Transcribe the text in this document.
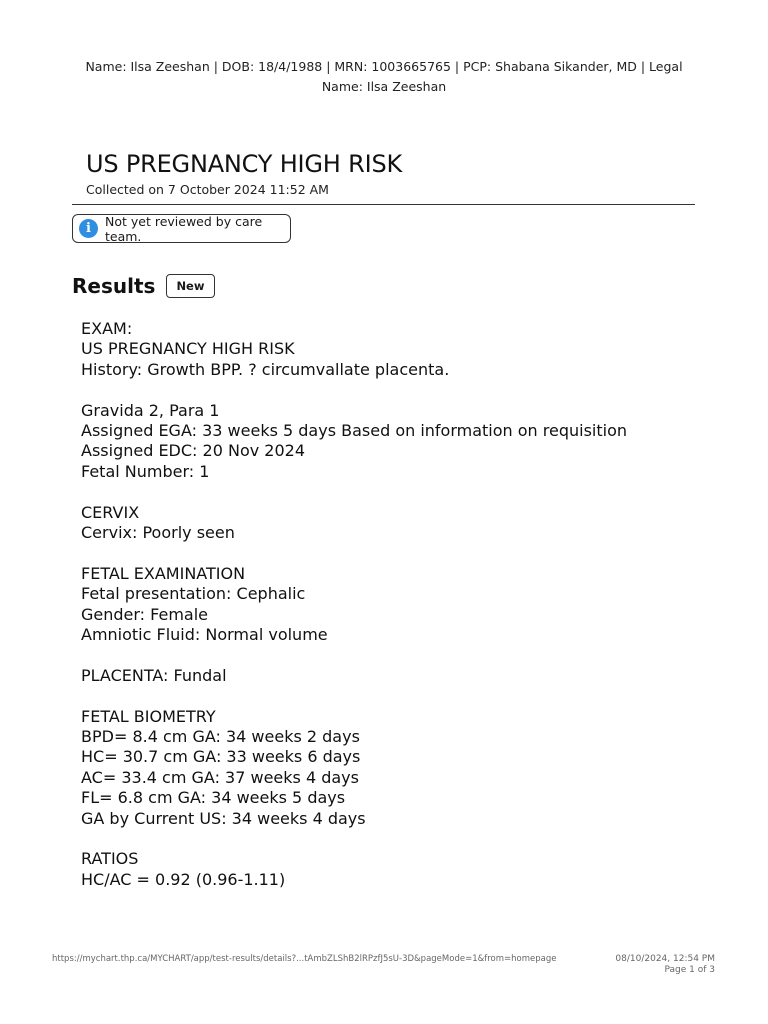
Name: Ilsa Zeeshan | DOB: 18/4/1988 | MRN: 1003665765 | PCP: Shabana Sikander, MD | Legal Name: Ilsa Zeeshan
US PREGNANCY HIGH RISK
Collected on 7 October 2024 11:52 AM
i	Not yet reviewed by care team.
Results	New
EXAM:
US PREGNANCY HIGH RISK
History: Growth BPP. ? circumvallate placenta.
Gravida 2, Para 1
Assigned EGA: 33 weeks 5 days Based on information on requisition
Assigned EDC: 20 Nov 2024
Fetal Number: 1
CERVIX
Cervix: Poorly seen
FETAL EXAMINATION
Fetal presentation: Cephalic
Gender: Female
Amniotic Fluid: Normal volume
PLACENTA: Fundal
FETAL BIOMETRY
BPD= 8.4 cm GA: 34 weeks 2 days
HC= 30.7 cm GA: 33 weeks 6 days
AC= 33.4 cm GA: 37 weeks 4 days
FL= 6.8 cm GA: 34 weeks 5 days
GA by Current US: 34 weeks 4 days
RATIOS
HC/AC = 0.92 (0.96-1.11)
https://mychart.thp.ca/MYCHART/app/test-results/details?...tAmbZLShB2lRPzfJ5sU-3D&pageMode=1&from=homepage	08/10/2024, 12:54 PM
Page 1 of 3
